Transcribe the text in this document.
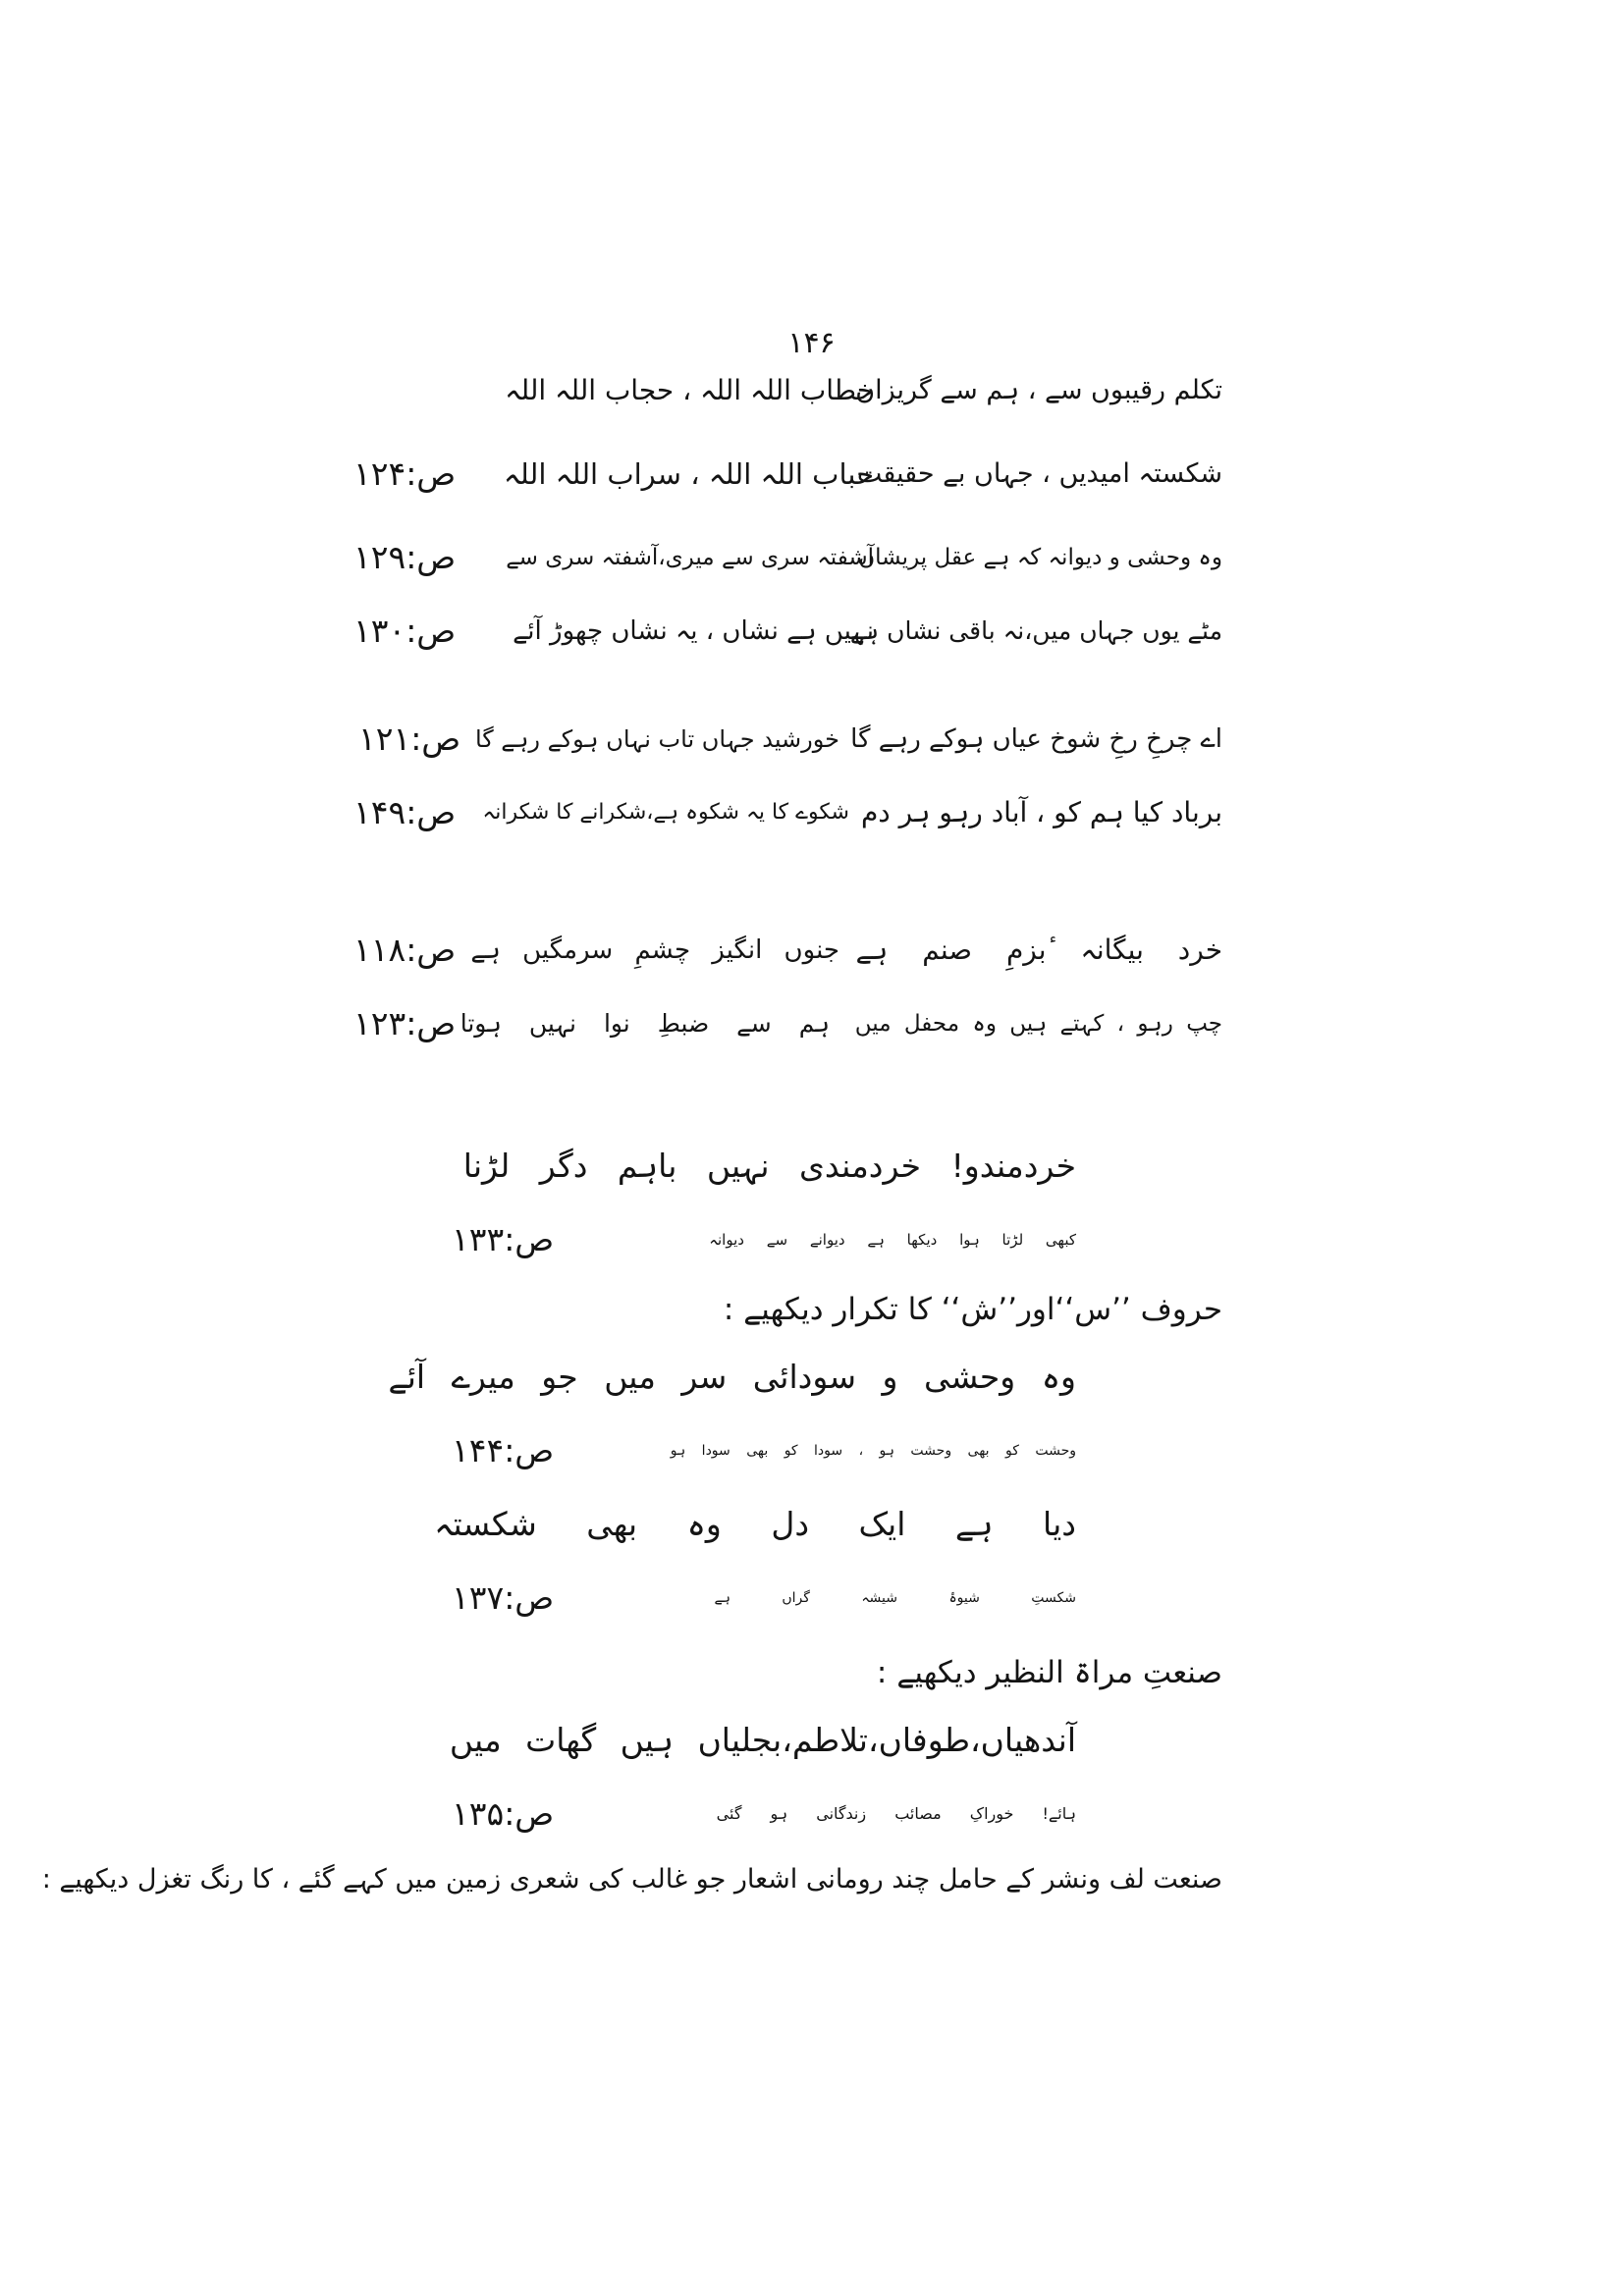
۱۴۶
تکلم رقیبوں سے ، ہم سے گریزاں
خطاب اللہ اللہ ، حجاب اللہ اللہ
شکستہ امیدیں ، جہاں بے حقیقت
حباب اللہ اللہ ، سراب اللہ اللہ
ص:۱۲۴
وہ وحشی و دیوانہ کہ ہے عقل پریشاں
آشفتہ سری سے میری،آشفتہ سری سے
ص:۱۲۹
مٹے یوں جہاں میں،نہ باقی نشاں ہے
نہیں ہے نشاں ، یہ نشاں چھوڑ آئے
ص:۱۳۰
اے چرخِ رخِ شوخ عیاں ہوکے رہے گا
خورشید جہاں تاب نہاں ہوکے رہے گا
ص:۱۲۱
برباد کیا ہم کو ، آباد رہو ہر دم
شکوے کا یہ شکوہ ہے،شکرانے کا شکرانہ
ص:۱۴۹
خرد بیگانہ ٔبزمِ صنم ہے
جنوں انگیز چشمِ سرمگیں ہے
ص:۱۱۸
چپ رہو ، کہتے ہیں وہ محفل میں
ہم سے ضبطِ نوا نہیں ہوتا
ص:۱۲۳
خردمندو! خردمندی نہیں باہم دگر لڑنا
کبھی لڑتا ہوا دیکھا ہے دیوانے سے دیوانہ
ص:۱۳۳
حروف ’’س‘‘اور’’ش‘‘ کا تکرار دیکھیے :
وہ وحشی و سودائی سر میں جو میرے آئے
وحشت کو بھی وحشت ہو ، سودا کو بھی سودا ہو
ص:۱۴۴
دیا ہے ایک دل وہ بھی شکستہ
شکستِ شیوۂ شیشہ گراں ہے
ص:۱۳۷
صنعتِ مراۃ النظیر دیکھیے :
آندھیاں،طوفاں،تلاطم،بجلیاں ہیں گھات میں
ہائے! خوراکِ مصائب زندگانی ہو گئی
ص:۱۳۵
صنعت لف ونشر کے حامل چند رومانی اشعار جو غالب کی شعری زمین میں کہے گئے ، کا رنگ تغزل دیکھیے :
